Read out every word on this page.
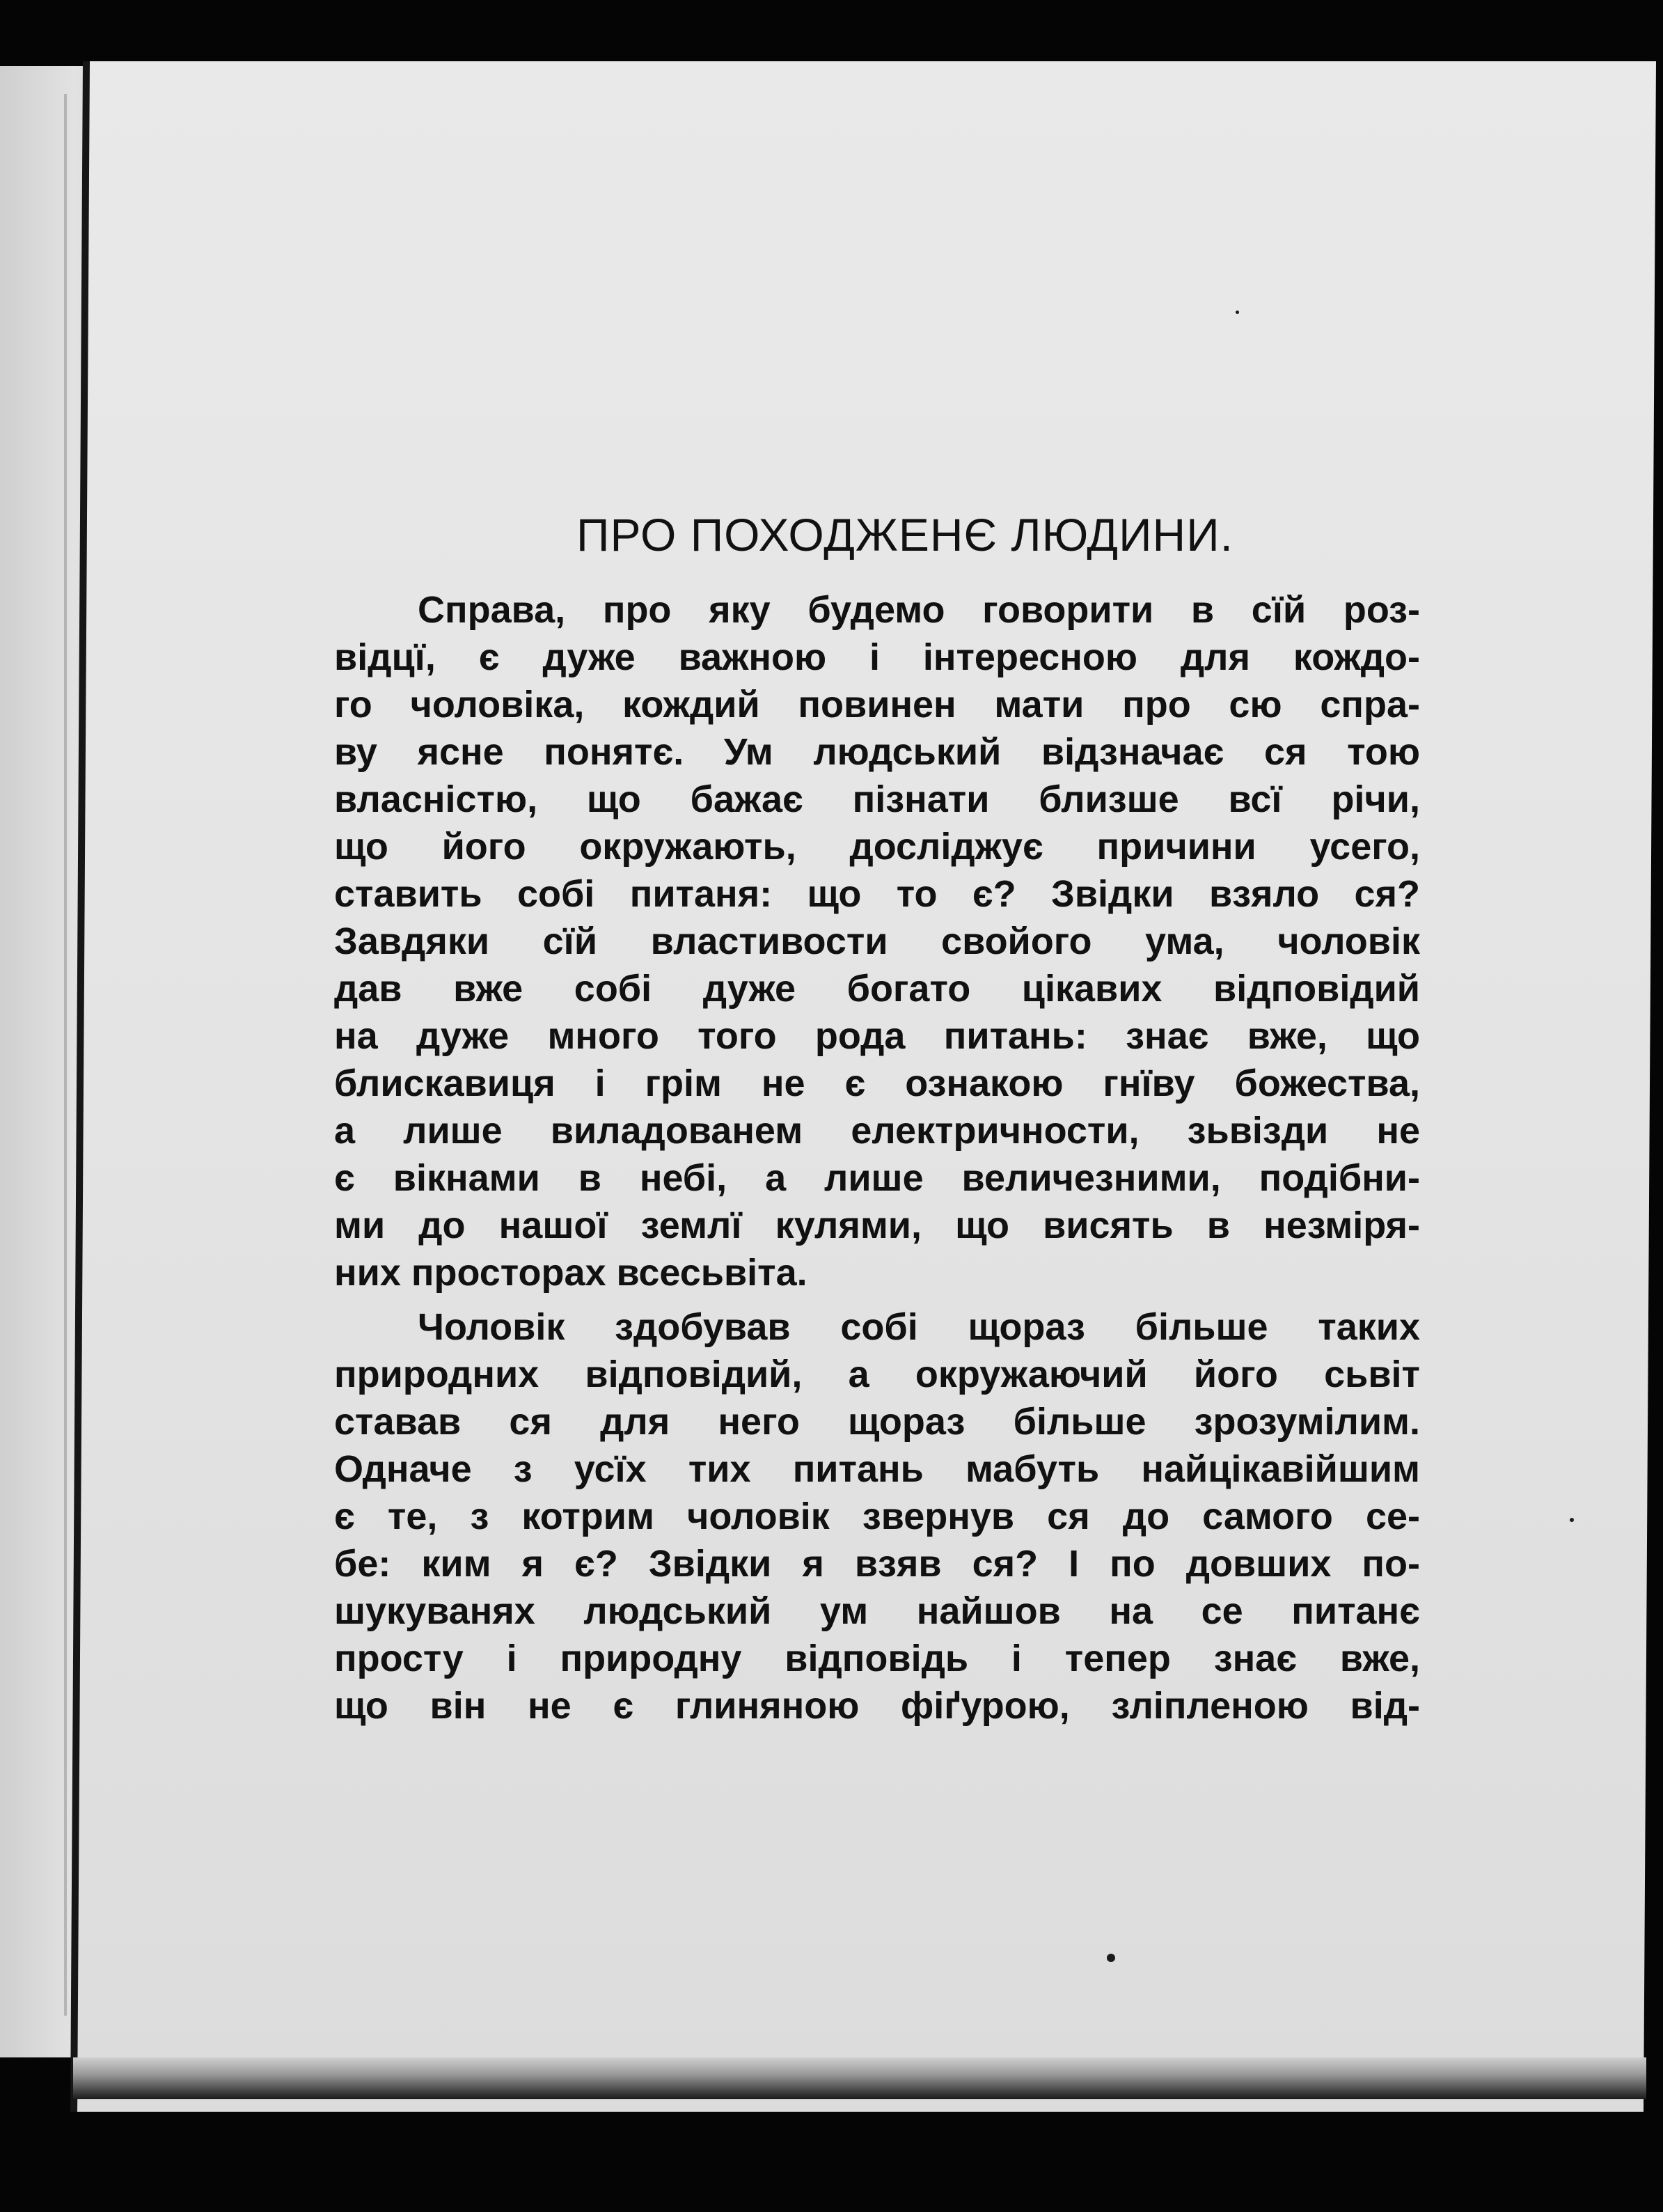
ПРО ПОХОДЖЕНЄ ЛЮДИНИ.
Справа, про яку будемо говорити в сїй роз-
відцї, є дуже важною і інтересною для кождо-
го чоловіка, кождий повинен мати про сю спра-
ву ясне понятє. Ум людський відзначає ся тою
власністю, що бажає пізнати близше всї річи,
що його окружають, досліджує причини усего,
ставить собі питаня: що то є? Звідки взяло ся?
Завдяки сїй властивости свойого ума, чоловік
дав вже собі дуже богато цікавих відповідий
на дуже много того рода питань: знає вже, що
блискавиця і грім не є ознакою гнїву божества,
а лише виладованем електричности, зьвізди не
є вікнами в небі, а лише величезними, подібни-
ми до нашої землї кулями, що висять в незміря-
них просторах всесьвіта.
Чоловік здобував собі щораз більше таких
природних відповідий, а окружаючий його сьвіт
ставав ся для него щораз більше зрозумілим.
Одначе з усїх тих питань мабуть найцікавійшим
є те, з котрим чоловік звернув ся до самого се-
бе: ким я є? Звідки я взяв ся? І по довших по-
шукуванях людський ум найшов на се питанє
просту і природну відповідь і тепер знає вже,
що він не є глиняною фіґурою, зліпленою від-
